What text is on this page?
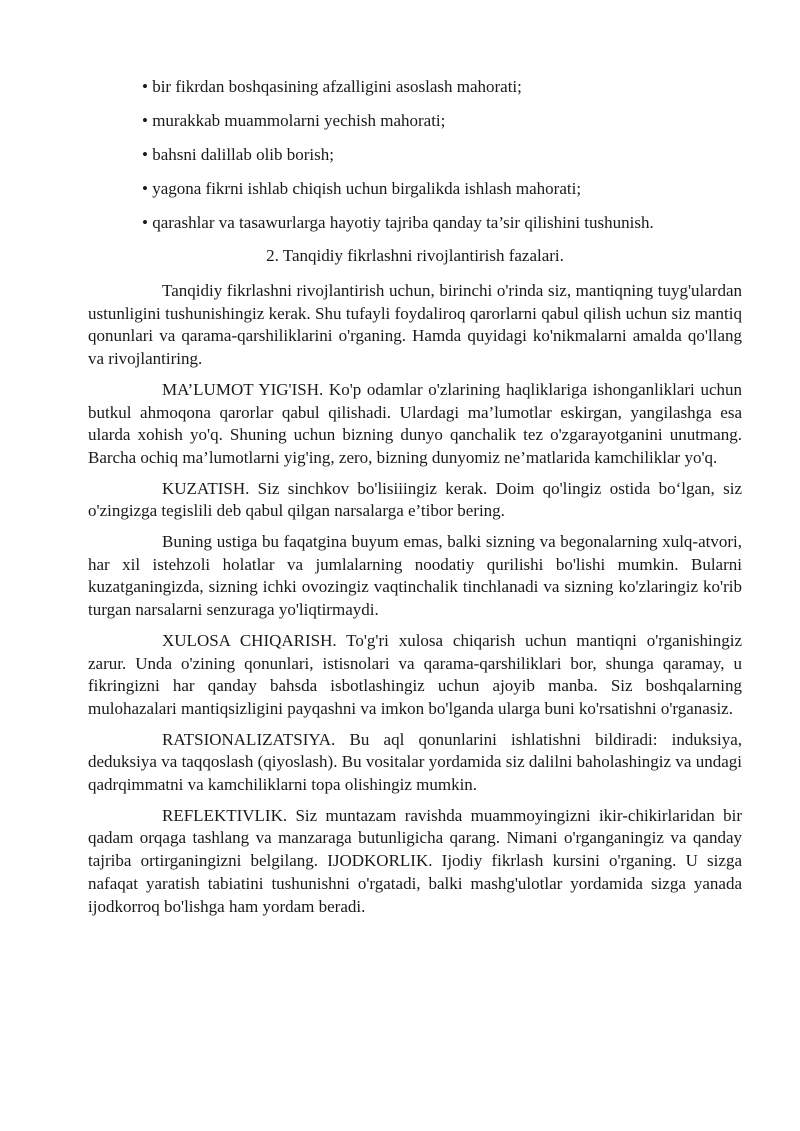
• bir fikrdan boshqasining afzalligini asoslash mahorati;
• murakkab muammolarni yechish mahorati;
• bahsni dalillab olib borish;
• yagona fikrni ishlab chiqish uchun birgalikda ishlash mahorati;
• qarashlar va tasawurlarga hayotiy tajriba qanday ta’sir qilishini tushunish.
2. Tanqidiy fikrlashni rivojlantirish fazalari.

Tanqidiy fikrlashni rivojlantirish uchun, birinchi o'rinda siz, mantiqning tuyg'ulardan ustunligini tushunishingiz kerak. Shu tufayli foydaliroq qarorlarni qabul qilish uchun siz mantiq qonunlari va qarama-qarshiliklarini o'rganing. Hamda quyidagi ko'nikmalarni amalda qo'llang va rivojlantiring.

MA’LUMOT YIG'ISH. Ko'p odamlar o'zlarining haqliklariga ishonganliklari uchun butkul ahmoqona qarorlar qabul qilishadi. Ulardagi ma’lumotlar eskirgan, yangilashga esa ularda xohish yo'q. Shuning uchun bizning dunyo qanchalik tez o'zgarayotganini unutmang. Barcha ochiq ma’lumotlarni yig'ing, zero, bizning dunyomiz ne’matlarida kamchiliklar yo'q.

KUZATISH. Siz sinchkov bo'lisiiingiz kerak. Doim qo'lingiz ostida bo‘lgan, siz o'zingizga tegislili deb qabul qilgan narsalarga e’tibor bering.

Buning ustiga bu faqatgina buyum emas, balki sizning va begonalarning xulq-atvori, har xil istehzoli holatlar va jumlalarning noodatiy qurilishi bo'lishi mumkin. Bularni kuzatganingizda, sizning ichki ovozingiz vaqtinchalik tinchlanadi va sizning ko'zlaringiz ko'rib turgan narsalarni senzuraga yo'liqtirmaydi.

XULOSA CHIQARISH. To'g'ri xulosa chiqarish uchun mantiqni o'rganishingiz zarur. Unda o'zining qonunlari, istisnolari va qarama-qarshiliklari bor, shunga qaramay, u fikringizni har qanday bahsda isbotlashingiz uchun ajoyib manba. Siz boshqalarning mulohazalari mantiqsizligini payqashni va imkon bo'lganda ularga buni ko'rsatishni o'rganasiz.

RATSIONALIZATSIYA. Bu aql qonunlarini ishlatishni bildiradi: induksiya, deduksiya va taqqoslash (qiyoslash). Bu vositalar yordamida siz dalilni baholashingiz va undagi qadrqimmatni va kamchiliklarni topa olishingiz mumkin.

REFLEKTIVLIK. Siz muntazam ravishda muammoyingizni ikir-chikirlaridan bir qadam orqaga tashlang va manzaraga butunligicha qarang. Nimani o'rganganingiz va qanday tajriba ortirganingizni belgilang. IJODKORLIK. Ijodiy fikrlash kursini o'rganing. U sizga nafaqat yaratish tabiatini tushunishni o'rgatadi, balki mashg'ulotlar yordamida sizga yanada ijodkorroq bo'lishga ham yordam beradi.
